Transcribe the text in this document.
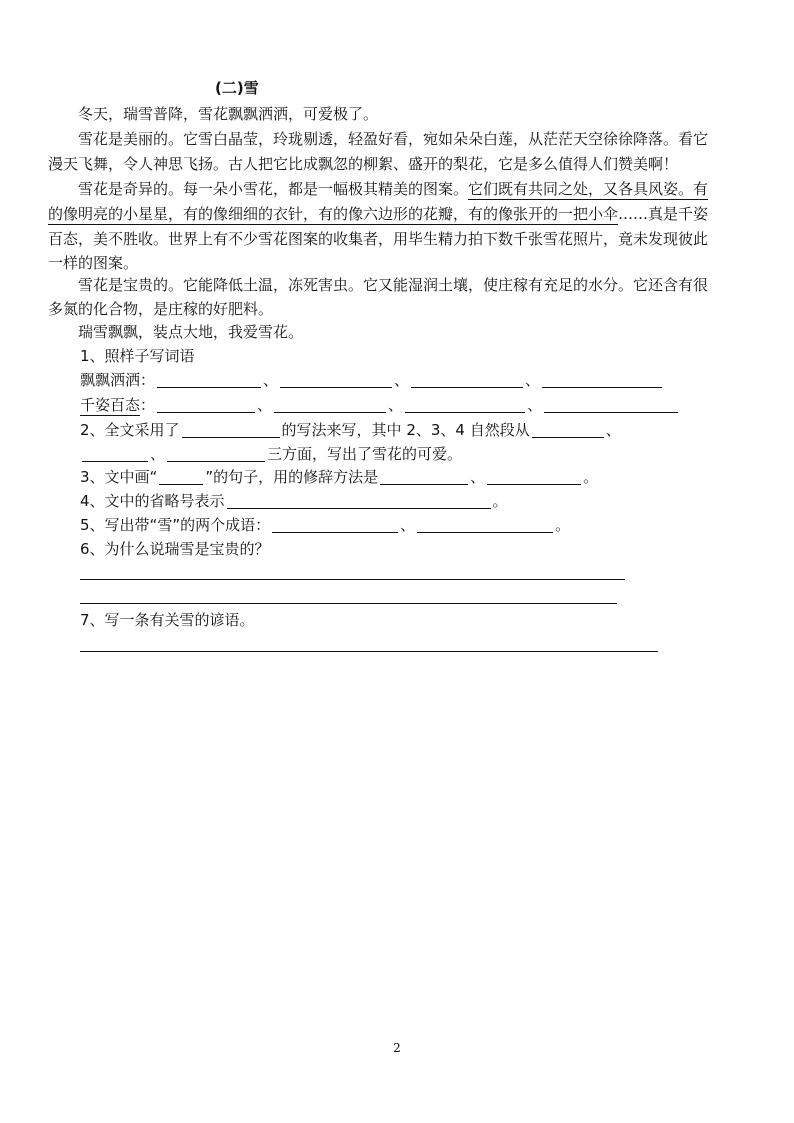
(二)雪
冬天，瑞雪普降，雪花飘飘洒洒，可爱极了。
雪花是美丽的。它雪白晶莹，玲珑剔透，轻盈好看，宛如朵朵白莲，从茫茫天空徐徐降落。看它
漫天飞舞，令人神思飞扬。古人把它比成飘忽的柳絮、盛开的梨花，它是多么值得人们赞美啊！
雪花是奇异的。每一朵小雪花，都是一幅极其精美的图案。它们既有共同之处，又各具风姿。有
的像明亮的小星星，有的像细细的衣针，有的像六边形的花瓣，有的像张开的一把小伞……真是千姿
百态，美不胜收。世界上有不少雪花图案的收集者，用毕生精力拍下数千张雪花照片，竟未发现彼此
一样的图案。
雪花是宝贵的。它能降低土温，冻死害虫。它又能湿润土壤，使庄稼有充足的水分。它还含有很
多氮的化合物，是庄稼的好肥料。
瑞雪飘飘，装点大地，我爱雪花。
1、照样子写词语
飘飘洒洒：	、	、	、
千姿百态：	、	、	、
2、全文采用了	的写法来写，其中 2、3、4 自然段从	、
、	三方面，写出了雪花的可爱。
3、文中画“	”的句子，用的修辞方法是	、	。
4、文中的省略号表示	。
5、写出带“雪”的两个成语：	、	。
6、为什么说瑞雪是宝贵的？
7、写一条有关雪的谚语。
2
